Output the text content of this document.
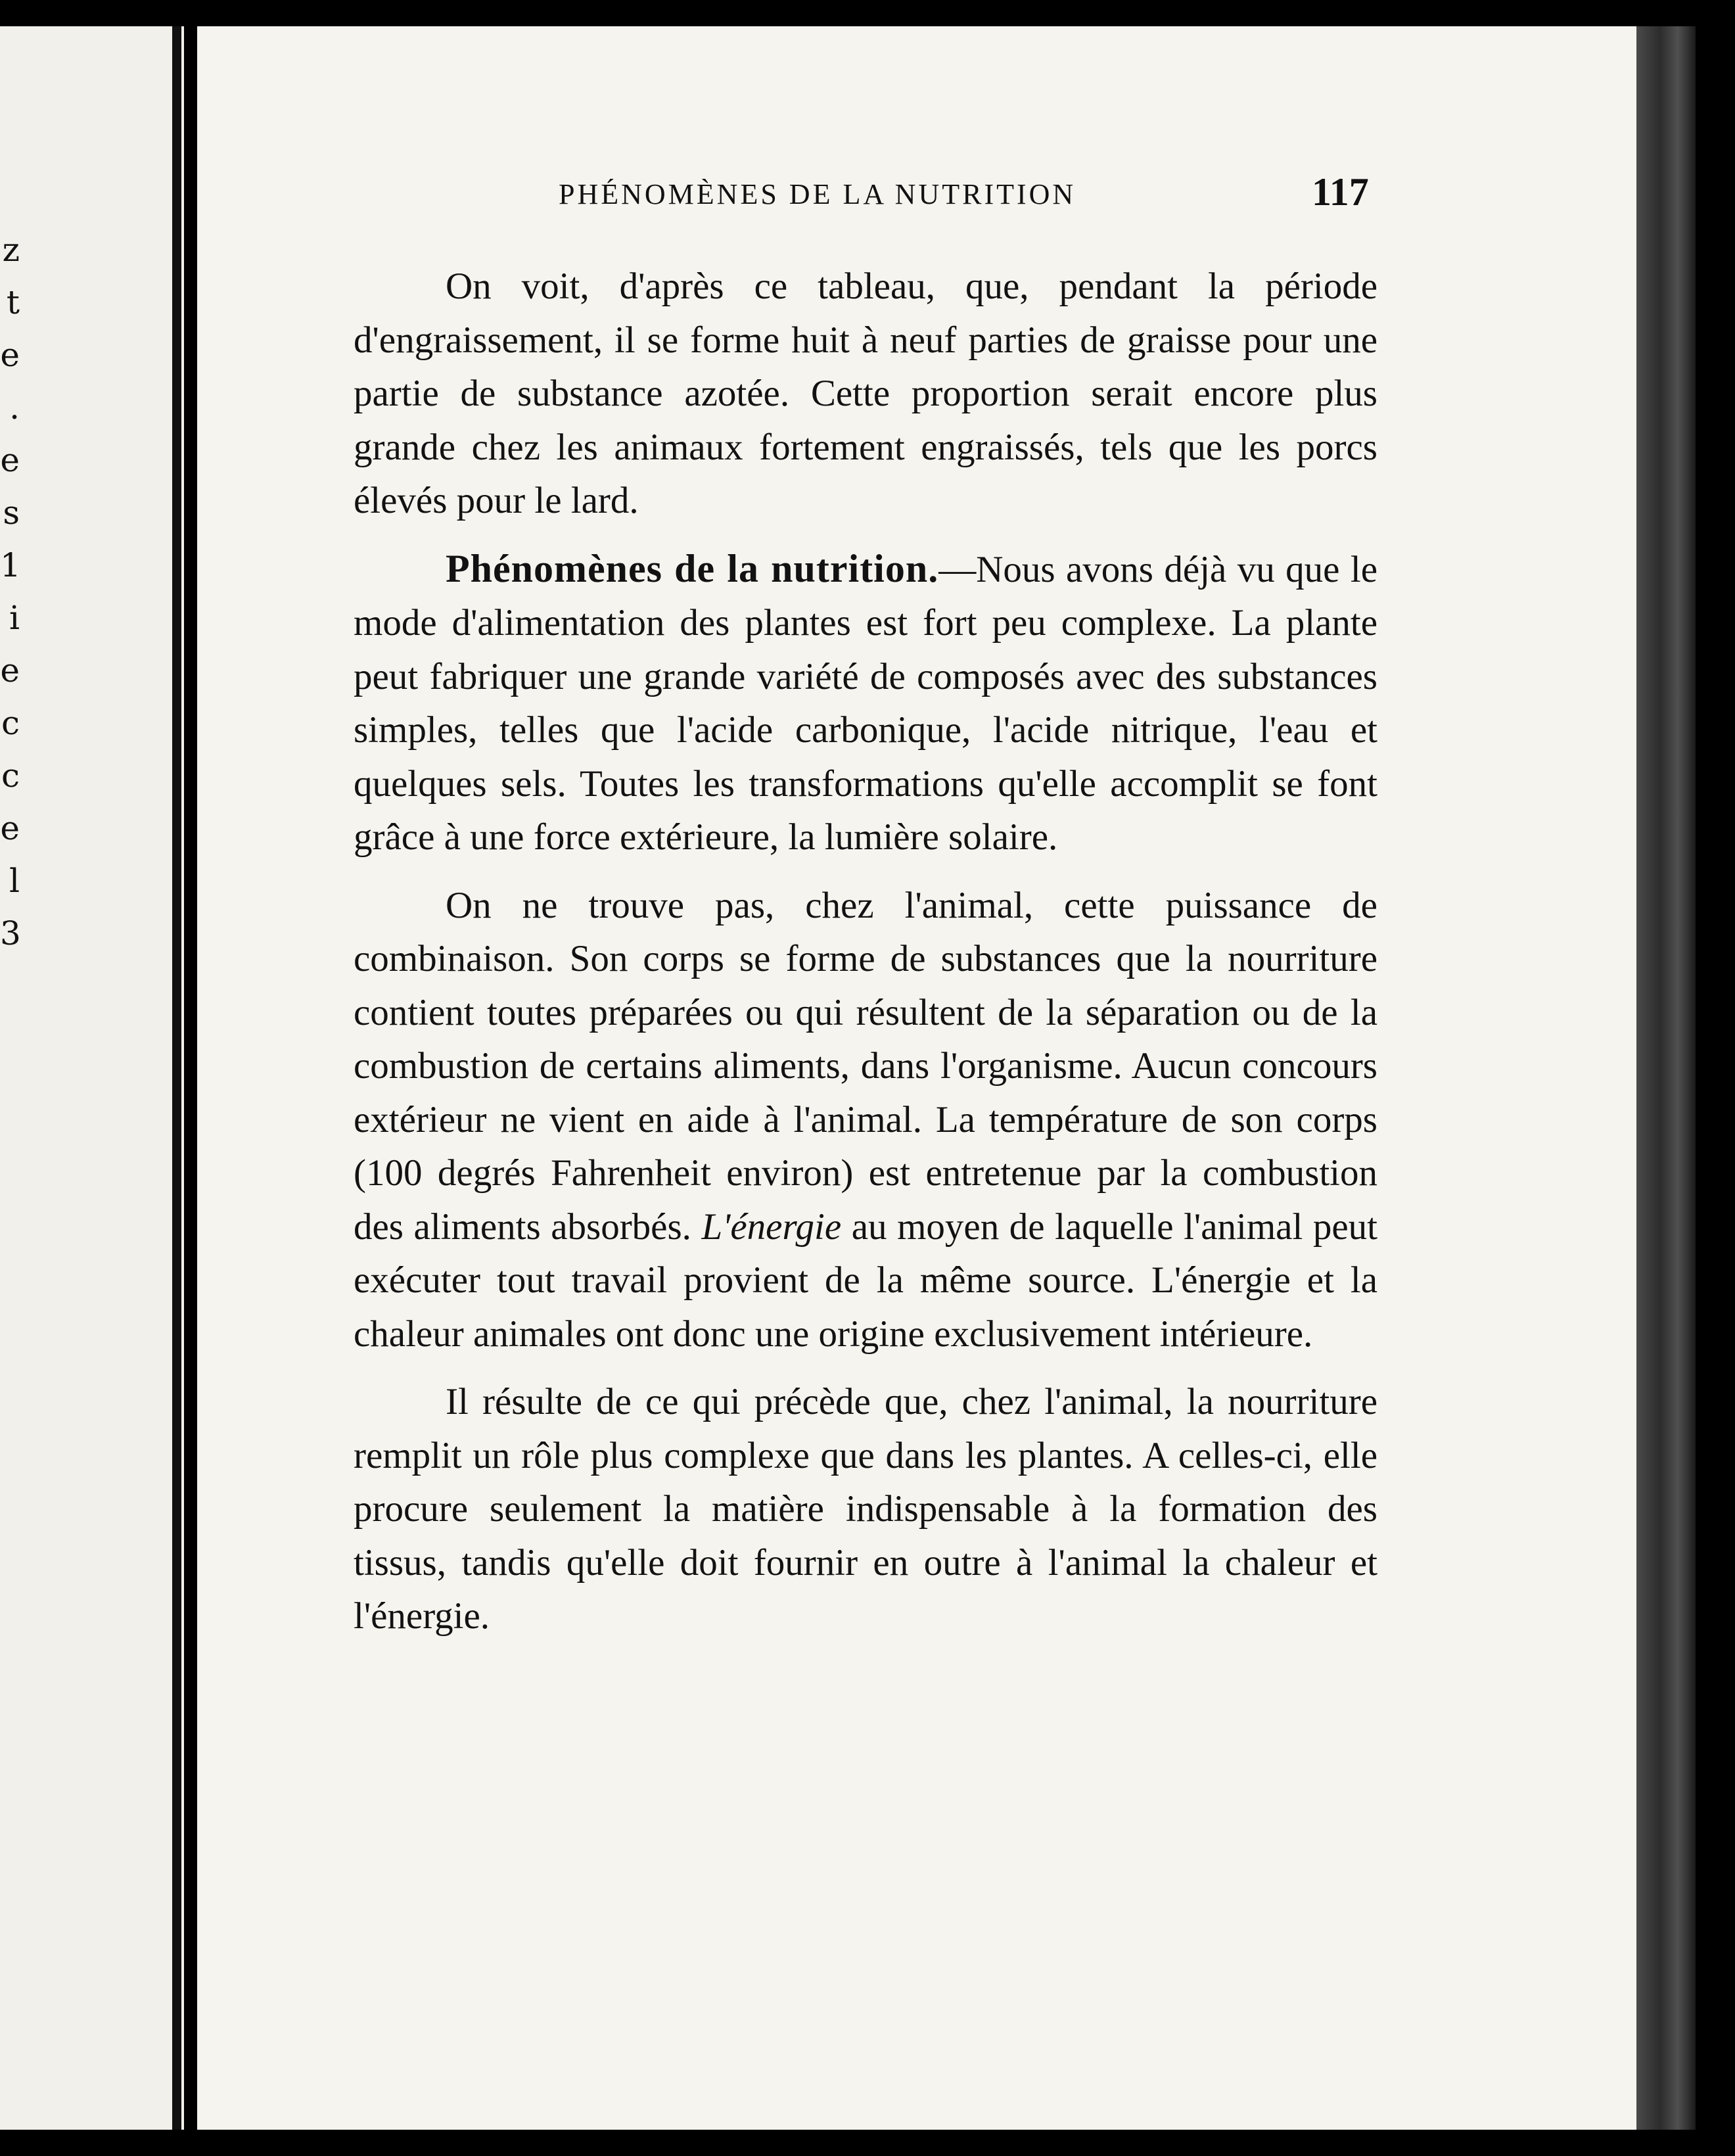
z
t
e
.
e
s
1
i
e
c
c
e
l
3
PHÉNOMÈNES DE LA NUTRITION	117

On voit, d'après ce tableau, que, pendant la période d'engraissement, il se forme huit à neuf parties de graisse pour une partie de substance azotée. Cette proportion serait encore plus grande chez les animaux fortement engraissés, tels que les porcs élevés pour le lard.

Phénomènes de la nutrition.—Nous avons déjà vu que le mode d'alimentation des plantes est fort peu complexe. La plante peut fabriquer une grande variété de composés avec des substances simples, telles que l'acide carbonique, l'acide nitrique, l'eau et quelques sels. Toutes les transformations qu'elle accomplit se font grâce à une force extérieure, la lumière solaire.

On ne trouve pas, chez l'animal, cette puissance de combinaison. Son corps se forme de substances que la nourriture contient toutes préparées ou qui résultent de la séparation ou de la combustion de certains aliments, dans l'organisme. Aucun concours extérieur ne vient en aide à l'animal. La température de son corps (100 degrés Fahrenheit environ) est entretenue par la combustion des aliments absorbés. L'énergie au moyen de laquelle l'animal peut exécuter tout travail provient de la même source. L'énergie et la chaleur animales ont donc une origine exclusivement intérieure.

Il résulte de ce qui précède que, chez l'animal, la nourriture remplit un rôle plus complexe que dans les plantes. A celles-ci, elle procure seulement la matière indispensable à la formation des tissus, tandis qu'elle doit fournir en outre à l'animal la chaleur et l'énergie.
